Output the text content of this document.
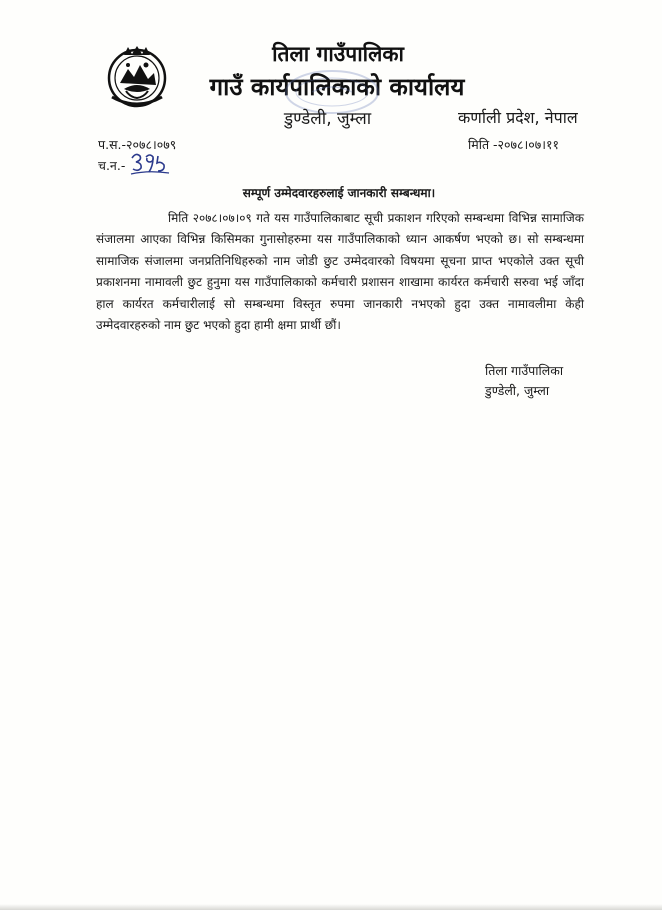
तिला गाउँपालिका
गाउँ कार्यपालिकाको कार्यालय
डुण्डेली, जुम्ला	कर्णाली प्रदेश, नेपाल
प.स.-२०७८।०७९
च.न.-
मिति -२०७८।०७।११
सम्पूर्ण उम्मेदवारहरुलाई जानकारी सम्बन्धमा।
मिति २०७८।०७।०९ गते यस गाउँपालिकाबाट सूची प्रकाशन गरिएको सम्बन्धमा विभिन्न सामाजिक संजालमा आएका विभिन्न किसिमका गुनासोहरुमा यस गाउँपालिकाको ध्यान आकर्षण भएको छ। सो सम्बन्धमा सामाजिक संजालमा जनप्रतिनिधिहरुको नाम जोडी छुट उम्मेदवारको विषयमा सूचना प्राप्त भएकोले उक्त सूची प्रकाशनमा नामावली छुट हुनुमा यस गाउँपालिकाको कर्मचारी प्रशासन शाखामा कार्यरत कर्मचारी सरुवा भई जाँदा हाल कार्यरत कर्मचारीलाई सो सम्बन्धमा विस्तृत रुपमा जानकारी नभएको हुदा उक्त नामावलीमा केही उम्मेदवारहरुको नाम छुट भएको हुदा हामी क्षमा प्रार्थी छौं।
तिला गाउँपालिका
डुण्डेली, जुम्ला
